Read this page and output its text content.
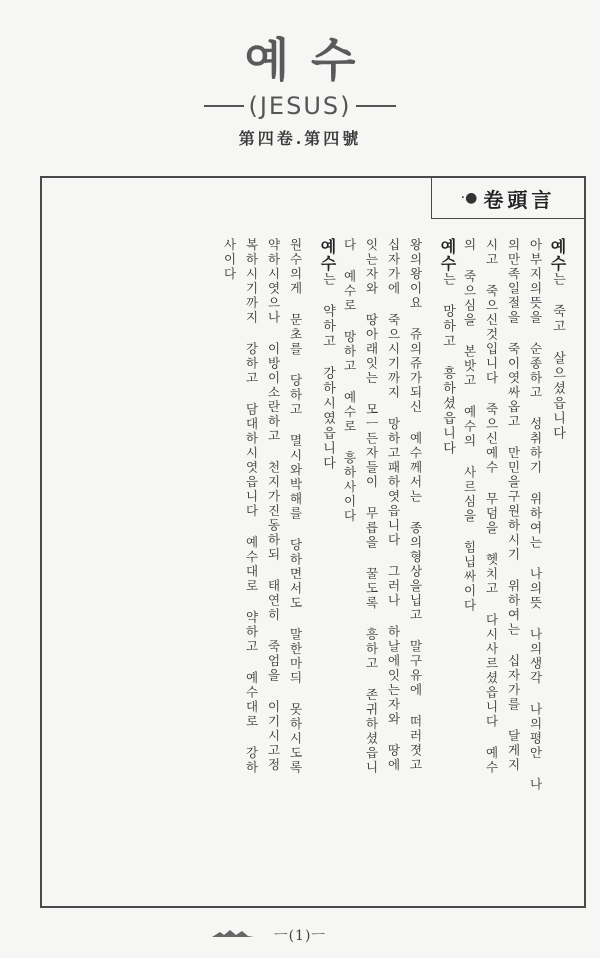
예수
(JESUS)
第四卷.第四號
·● 卷頭言
예수는 죽고 살으셨읍니다
아부지의뜻을 순종하고 성취하기 위하여는 나의뜻 나의생각 나의평안 나
의만족일절을 죽이엿싸옵고 만민을구원하시기 위하여는 십자가를 달게지
시고 죽으신것입니다 죽으신예수 무덤을 헷치고 다시사르셨읍니다 예수
의 죽으심을 본밧고 예수의 사르심을 힘닙싸이다
예수는 망하고 흥하셨읍니다
왕의왕이요 쥬의쥬가되신 예수께서는 종의형상을닙고 말구유에 떠러졋고
십자가에 죽으시기까지 망하고패하엿읍니다 그러나 하날에잇는자와 땅에
잇는자와 땅아래잇는 모ㅡ든자들이 무릅을 꿀도록 흥하고 존귀하셨읍니
다 예수로 망하고 예수로 흥하사이다
예수는 약하고 강하시였읍니다
원수의게 문초를 당하고 멸시와박해를 당하면서도 말한마듸 못하시도록
약하시엿으나 이방이소란하고 천지가진동하되 태연히 죽엄을 이기시고정
복하시기까지 강하고 담대하시엿읍니다 예수대로 약하고 예수대로 강하
사이다
ㅡ(1)ㅡ
